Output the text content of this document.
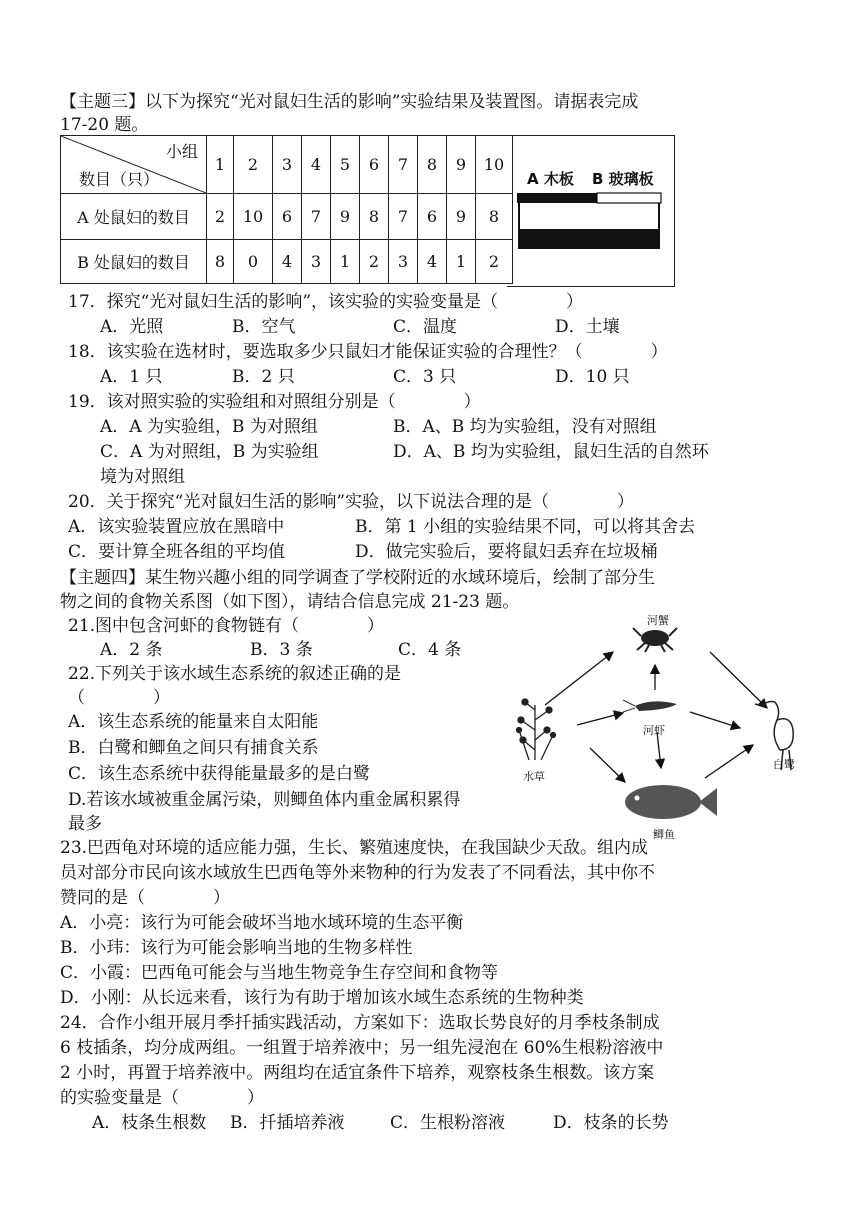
【主题三】以下为探究“光对鼠妇生活的影响”实验结果及装置图。请据表完成
17-20 题。
小组
数目（只）	1	2	3	4	5	6	7	8	9	10
A 处鼠妇的数目	2	10	6	7	9	8	7	6	9	8
B 处鼠妇的数目	8	0	4	3	1	2	3	4	1	2
A 木板 B 玻璃板
17．探究“光对鼠妇生活的影响”，该实验的实验变量是（　　　　）
A．光照	B．空气	C．温度	D．土壤
18．该实验在选材时，要选取多少只鼠妇才能保证实验的合理性？（　　　　）
A．1 只	B．2 只	C．3 只	D．10 只
19．该对照实验的实验组和对照组分别是（　　　　）
A．A 为实验组，B 为对照组	B．A、B 均为实验组，没有对照组
C．A 为对照组，B 为实验组	D．A、B 均为实验组，鼠妇生活的自然环
境为对照组
20．关于探究“光对鼠妇生活的影响”实验，以下说法合理的是（　　　　）
A．该实验装置应放在黑暗中	B．第 1 小组的实验结果不同，可以将其舍去
C．要计算全班各组的平均值	D．做完实验后，要将鼠妇丢弃在垃圾桶
【主题四】某生物兴趣小组的同学调查了学校附近的水域环境后，绘制了部分生
物之间的食物关系图（如下图），请结合信息完成 21-23 题。
21.图中包含河虾的食物链有（　　　　）
A．2 条	B．3 条	C．4 条
22.下列关于该水域生态系统的叙述正确的是
（　　　　）
A．该生态系统的能量来自太阳能
B．白鹭和鲫鱼之间只有捕食关系
C．该生态系统中获得能量最多的是白鹭
D.若该水域被重金属污染，则鲫鱼体内重金属积累得
最多
河蟹
河虾
水草
鲫鱼
白鹭
23.巴西龟对环境的适应能力强，生长、繁殖速度快，在我国缺少天敌。组内成
员对部分市民向该水域放生巴西龟等外来物种的行为发表了不同看法，其中你不
赞同的是（　　　　）
A．小亮：该行为可能会破坏当地水域环境的生态平衡
B．小玮：该行为可能会影响当地的生物多样性
C．小霞：巴西龟可能会与当地生物竞争生存空间和食物等
D．小刚：从长远来看，该行为有助于增加该水域生态系统的生物种类
24．合作小组开展月季扦插实践活动，方案如下：选取长势良好的月季枝条制成
6 枝插条，均分成两组。一组置于培养液中；另一组先浸泡在 60%生根粉溶液中
2 小时，再置于培养液中。两组均在适宜条件下培养，观察枝条生根数。该方案
的实验变量是（　　　　）
A．枝条生根数 B．扦插培养液	C．生根粉溶液	D．枝条的长势
